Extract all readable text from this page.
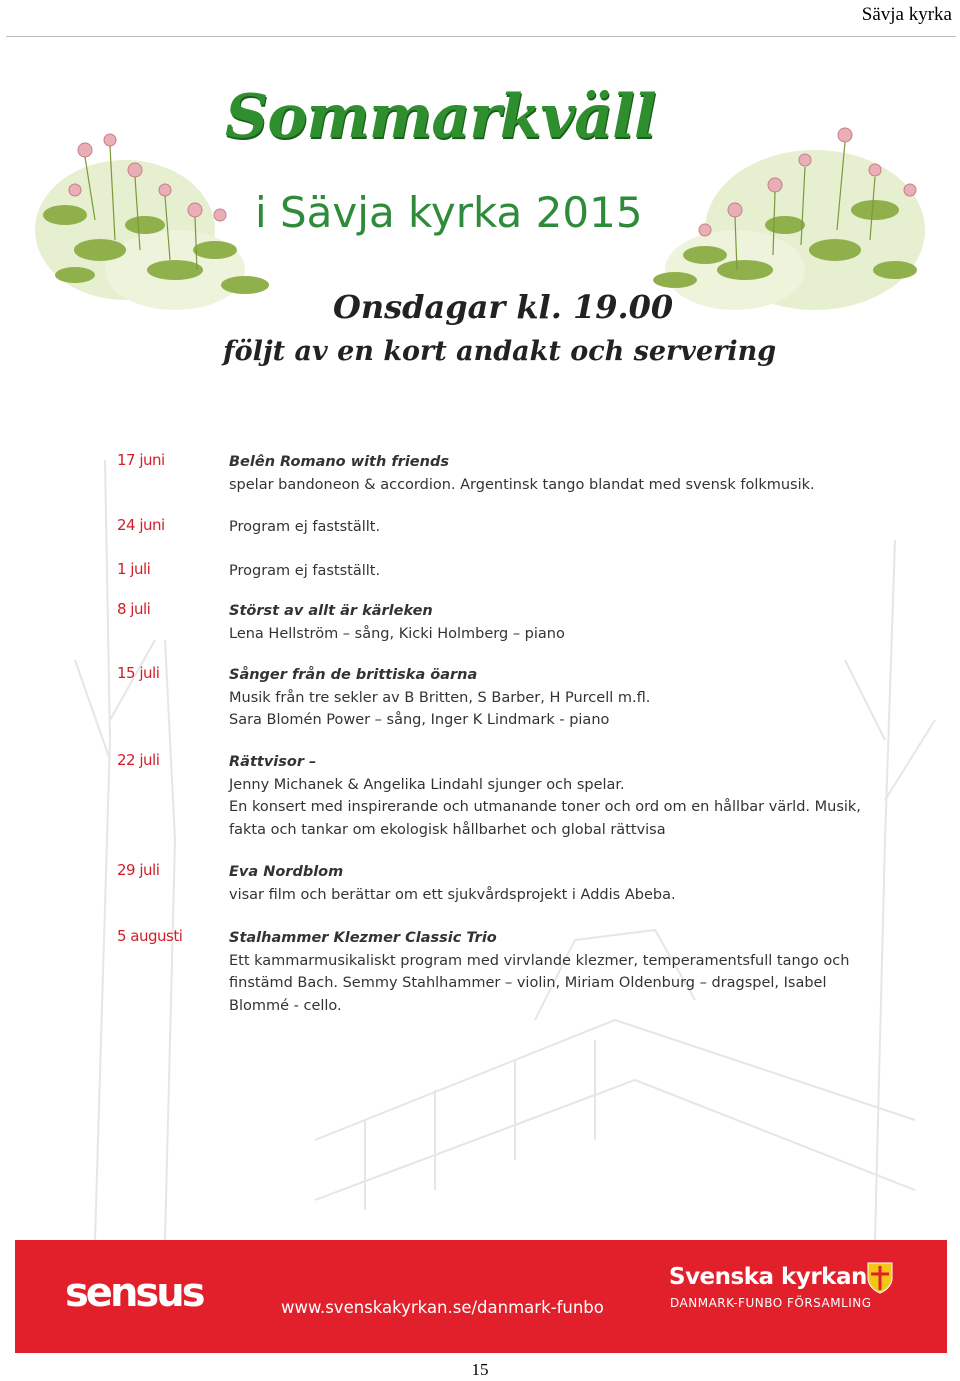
Sävja kyrka
Sommarkväll
i Sävja kyrka 2015
Onsdagar kl. 19.00
följt av en kort andakt och servering
17 juni	Belên Romano with friends
spelar bandoneon & accordion. Argentinsk tango blandat med svensk folkmusik.
24 juni	Program ej fastställt.
1 juli	Program ej fastställt.
8 juli	Störst av allt är kärleken
Lena Hellström – sång, Kicki Holmberg – piano
15 juli	Sånger från de brittiska öarna
Musik från tre sekler av B Britten, S Barber, H Purcell m.fl.
Sara Blomén Power – sång, Inger K Lindmark - piano
22 juli	Rättvisor –
Jenny Michanek & Angelika Lindahl sjunger och spelar.
En konsert med inspirerande och utmanande toner och ord om en hållbar värld. Musik,
fakta och tankar om ekologisk hållbarhet och global rättvisa
29 juli	Eva Nordblom
visar film och berättar om ett sjukvårdsprojekt i Addis Abeba.
5 augusti	Stalhammer Klezmer Classic Trio
Ett kammarmusikaliskt program med virvlande klezmer, temperamentsfull tango och
finstämd Bach. Semmy Stahlhammer – violin, Miriam Oldenburg – dragspel, Isabel
Blommé - cello.
sensus	www.svenskakyrkan.se/danmark-funbo
Svenska kyrkan
DANMARK-FUNBO FÖRSAMLING
15
